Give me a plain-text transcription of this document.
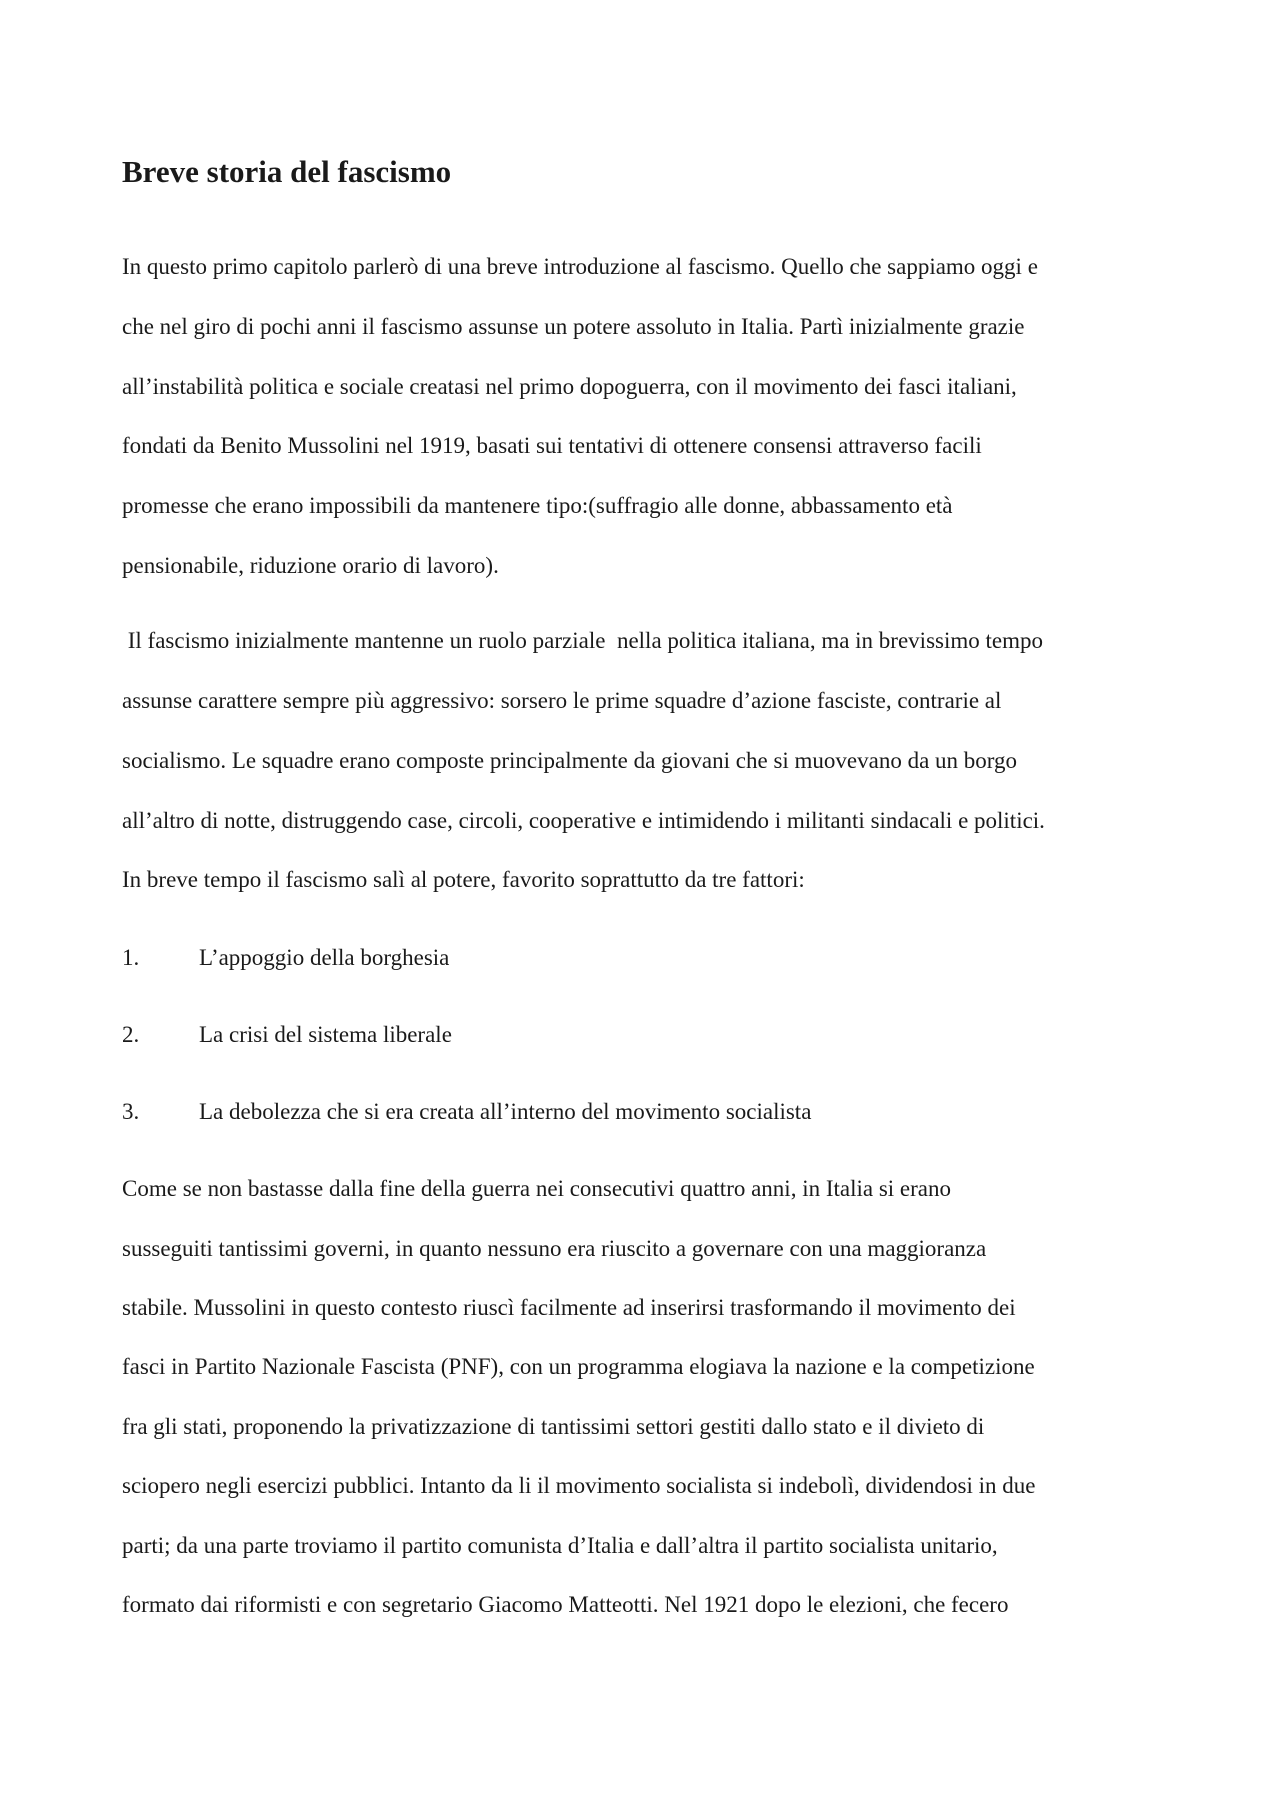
Breve storia del fascismo

In questo primo capitolo parlerò di una breve introduzione al fascismo. Quello che sappiamo oggi e

che nel giro di pochi anni il fascismo assunse un potere assoluto in Italia. Partì inizialmente grazie

all’instabilità politica e sociale creatasi nel primo dopoguerra, con il movimento dei fasci italiani,

fondati da Benito Mussolini nel 1919, basati sui tentativi di ottenere consensi attraverso facili

promesse che erano impossibili da mantenere tipo:(suffragio alle donne, abbassamento età

pensionabile, riduzione orario di lavoro).

Il fascismo inizialmente mantenne un ruolo parziale  nella politica italiana, ma in brevissimo tempo

assunse carattere sempre più aggressivo: sorsero le prime squadre d’azione fasciste, contrarie al

socialismo. Le squadre erano composte principalmente da giovani che si muovevano da un borgo

all’altro di notte, distruggendo case, circoli, cooperative e intimidendo i militanti sindacali e politici.

In breve tempo il fascismo salì al potere, favorito soprattutto da tre fattori:

1.	L’appoggio della borghesia
2.	La crisi del sistema liberale
3.	La debolezza che si era creata all’interno del movimento socialista

Come se non bastasse dalla fine della guerra nei consecutivi quattro anni, in Italia si erano

susseguiti tantissimi governi, in quanto nessuno era riuscito a governare con una maggioranza

stabile. Mussolini in questo contesto riuscì facilmente ad inserirsi trasformando il movimento dei

fasci in Partito Nazionale Fascista (PNF), con un programma elogiava la nazione e la competizione

fra gli stati, proponendo la privatizzazione di tantissimi settori gestiti dallo stato e il divieto di

sciopero negli esercizi pubblici. Intanto da li il movimento socialista si indebolì, dividendosi in due

parti; da una parte troviamo il partito comunista d’Italia e dall’altra il partito socialista unitario,

formato dai riformisti e con segretario Giacomo Matteotti. Nel 1921 dopo le elezioni, che fecero
